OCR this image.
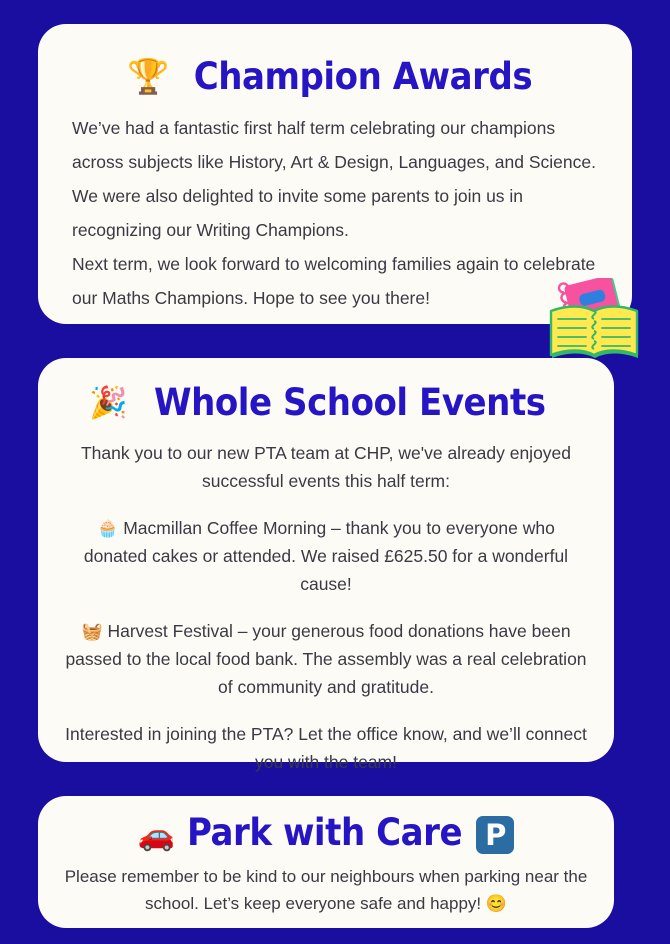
🏆 Champion Awards

We’ve had a fantastic first half term celebrating our champions across subjects like History, Art & Design, Languages, and Science. We were also delighted to invite some parents to join us in recognizing our Writing Champions.

Next term, we look forward to welcoming families again to celebrate our Maths Champions. Hope to see you there!

🎉 Whole School Events

Thank you to our new PTA team at CHP, we've already enjoyed successful events this half term:

🧁 Macmillan Coffee Morning – thank you to everyone who donated cakes or attended. We raised £625.50 for a wonderful cause!

🧺 Harvest Festival – your generous food donations have been passed to the local food bank. The assembly was a real celebration of community and gratitude.

Interested in joining the PTA? Let the office know, and we’ll connect you with the team!

🚗 Park with Care P

Please remember to be kind to our neighbours when parking near the school. Let’s keep everyone safe and happy! 😊
